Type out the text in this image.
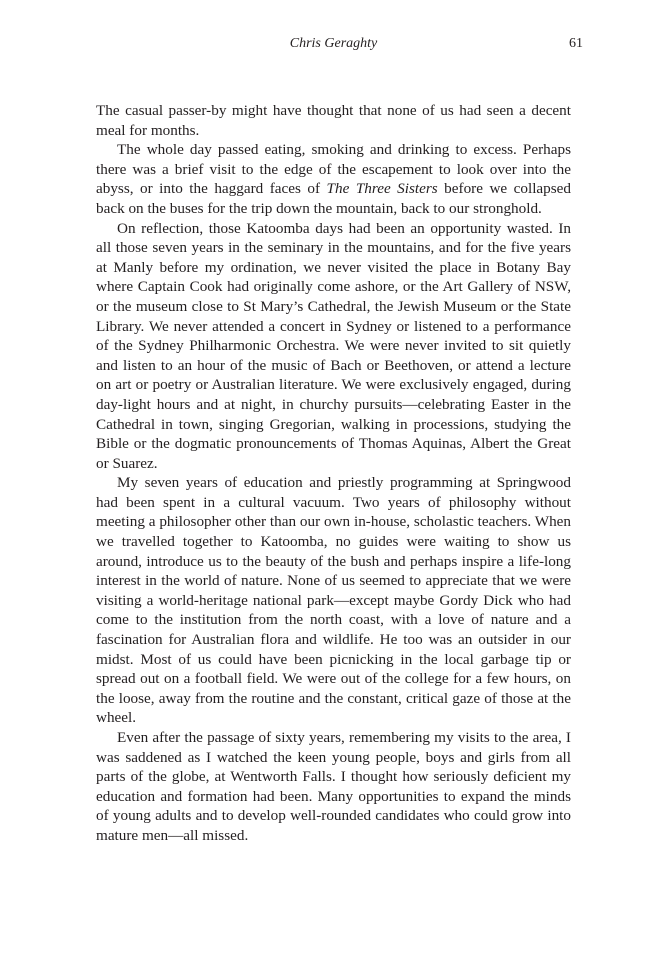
Chris Geraghty	61

The casual passer-by might have thought that none of us had seen a decent meal for months.

The whole day passed eating, smoking and drinking to excess. Perhaps there was a brief visit to the edge of the escapement to look over into the abyss, or into the haggard faces of The Three Sisters before we collapsed back on the buses for the trip down the mountain, back to our stronghold.

On reflection, those Katoomba days had been an opportunity wasted. In all those seven years in the seminary in the mountains, and for the five years at Manly before my ordination, we never visited the place in Botany Bay where Captain Cook had originally come ashore, or the Art Gallery of NSW, or the museum close to St Mary’s Cathedral, the Jewish Museum or the State Library. We never attended a concert in Sydney or listened to a performance of the Sydney Philharmonic Orchestra. We were never invited to sit quietly and listen to an hour of the music of Bach or Beethoven, or attend a lecture on art or poetry or Australian literature. We were exclusively engaged, during day-light hours and at night, in churchy pursuits—celebrating Easter in the Cathedral in town, singing Gregorian, walking in processions, studying the Bible or the dogmatic pronouncements of Thomas Aquinas, Albert the Great or Suarez.

My seven years of education and priestly programming at Springwood had been spent in a cultural vacuum. Two years of philosophy without meeting a philosopher other than our own in-house, scholastic teachers. When we travelled together to Katoomba, no guides were waiting to show us around, introduce us to the beauty of the bush and perhaps inspire a life-long interest in the world of nature. None of us seemed to appreciate that we were visiting a world-heritage national park—except maybe Gordy Dick who had come to the institution from the north coast, with a love of nature and a fascination for Australian flora and wildlife. He too was an outsider in our midst. Most of us could have been picnicking in the local garbage tip or spread out on a football field. We were out of the college for a few hours, on the loose, away from the routine and the constant, critical gaze of those at the wheel.

Even after the passage of sixty years, remembering my visits to the area, I was saddened as I watched the keen young people, boys and girls from all parts of the globe, at Wentworth Falls. I thought how seriously deficient my education and formation had been. Many opportunities to expand the minds of young adults and to develop well-rounded candidates who could grow into mature men—all missed.
